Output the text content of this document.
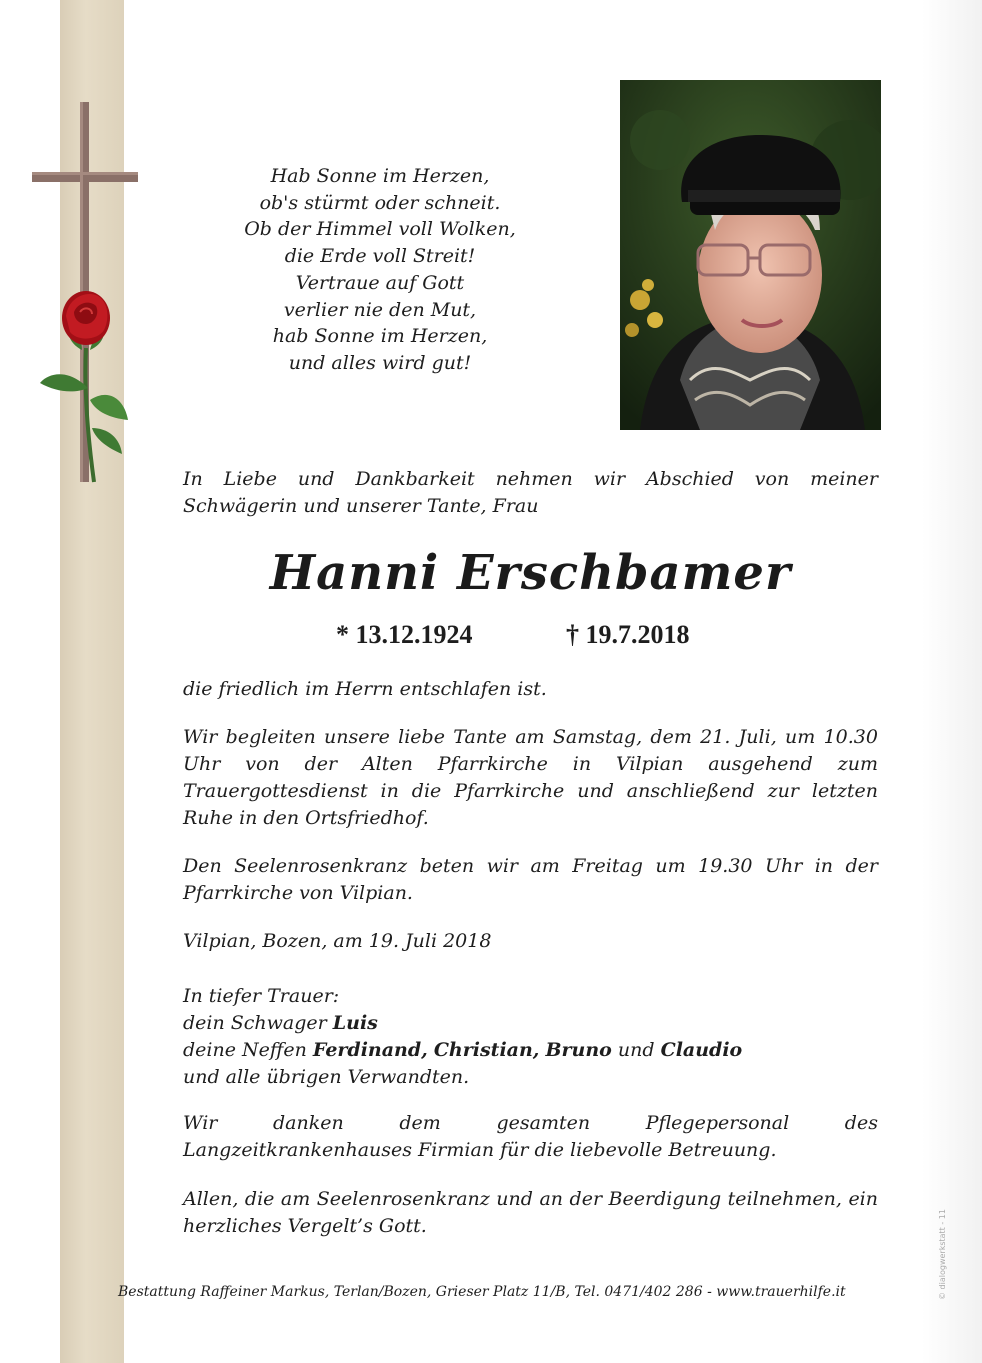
Hab Sonne im Herzen,
ob's stürmt oder schneit.
Ob der Himmel voll Wolken,
die Erde voll Streit!
Vertraue auf Gott
verlier nie den Mut,
hab Sonne im Herzen,
und alles wird gut!
In Liebe und Dankbarkeit nehmen wir Abschied von meiner Schwägerin und unserer Tante, Frau
Hanni Erschbamer
* 13.12.1924	† 19.7.2018
die friedlich im Herrn entschlafen ist.
Wir begleiten unsere liebe Tante am Samstag, dem 21. Juli, um 10.30 Uhr von der Alten Pfarrkirche in Vilpian ausgehend zum Trauergottesdienst in die Pfarrkirche und anschließend zur letzten Ruhe in den Ortsfriedhof.
Den Seelenrosenkranz beten wir am Freitag um 19.30 Uhr in der Pfarrkirche von Vilpian.
Vilpian, Bozen, am 19. Juli 2018
In tiefer Trauer:
dein Schwager Luis
deine Neffen Ferdinand, Christian, Bruno und Claudio
und alle übrigen Verwandten.
Wir	danken	dem	gesamten	Pflegepersonal	des
Langzeitkrankenhauses Firmian für die liebevolle Betreuung.
Allen, die am Seelenrosenkranz und an der Beerdigung teilnehmen, ein herzliches Vergelt’s Gott.
Bestattung Raffeiner Markus, Terlan/Bozen, Grieser Platz 11/B, Tel. 0471/402 286 - www.trauerhilfe.it	© dialogwerkstatt - 11
